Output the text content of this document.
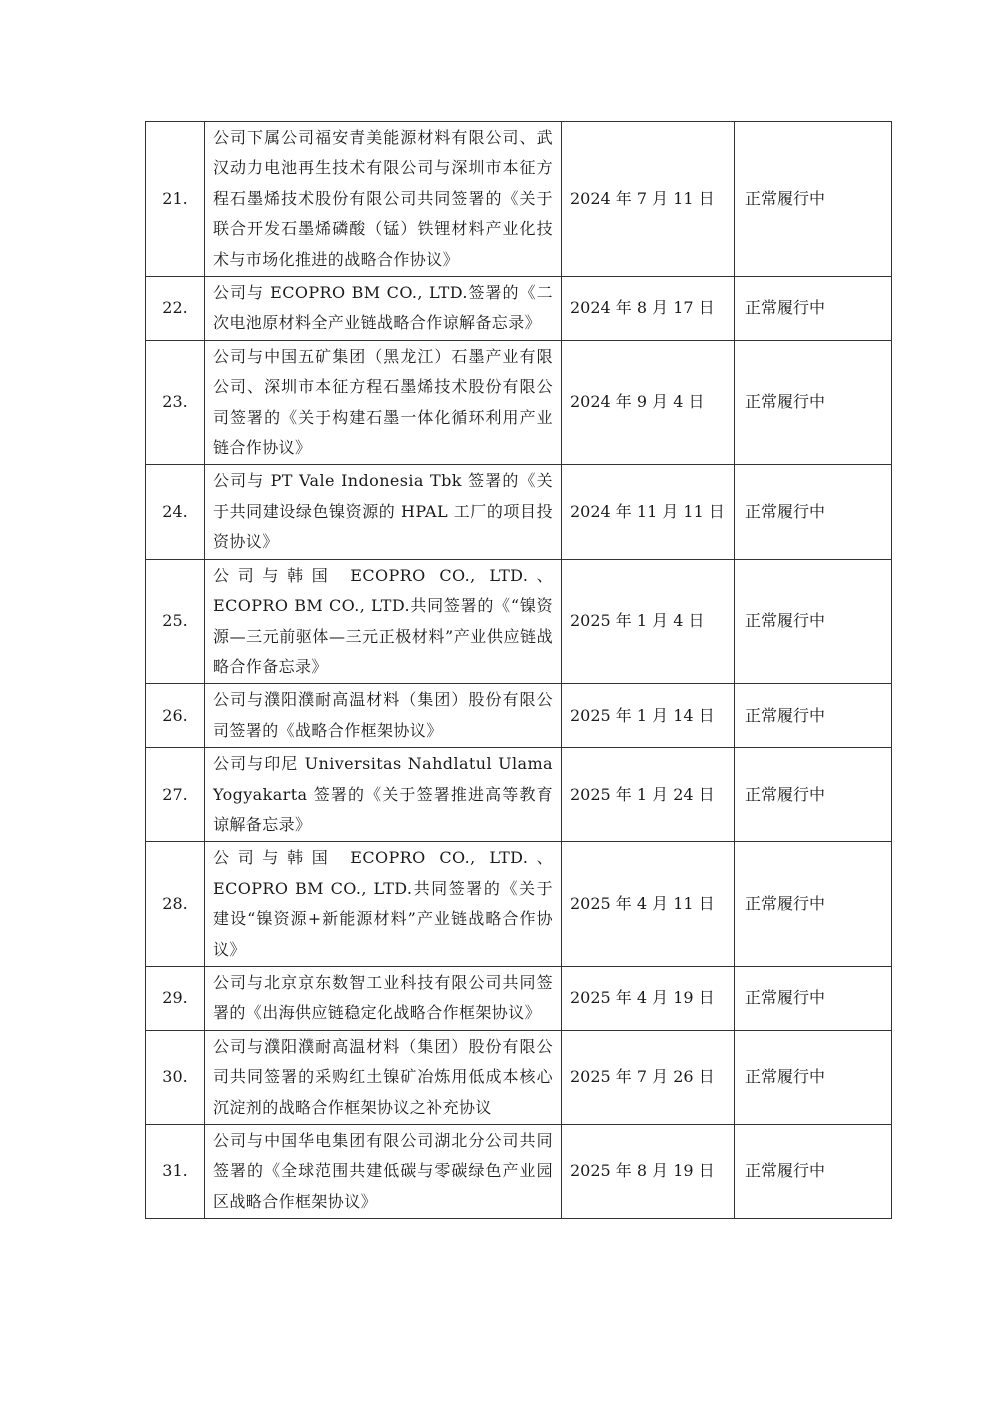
21.	公司下属公司福安青美能源材料有限公司、武汉动力电池再生技术有限公司与深圳市本征方程石墨烯技术股份有限公司共同签署的《关于联合开发石墨烯磷酸（锰）铁锂材料产业化技术与市场化推进的战略合作协议》	2024 年 7 月 11 日	正常履行中
22.	公司与 ECOPRO BM CO., LTD.签署的《二次电池原材料全产业链战略合作谅解备忘录》	2024 年 8 月 17 日	正常履行中
23.	公司与中国五矿集团（黑龙江）石墨产业有限公司、深圳市本征方程石墨烯技术股份有限公司签署的《关于构建石墨一体化循环利用产业链合作协议》	2024 年 9 月 4 日	正常履行中
24.	公司与 PT Vale Indonesia Tbk 签署的《关于共同建设绿色镍资源的 HPAL 工厂的项目投资协议》	2024 年 11 月 11 日	正常履行中
25.	公司与韩国 ECOPRO CO., LTD.、ECOPRO BM CO., LTD.共同签署的《“镍资源—三元前驱体—三元正极材料”产业供应链战略合作备忘录》	2025 年 1 月 4 日	正常履行中
26.	公司与濮阳濮耐高温材料（集团）股份有限公司签署的《战略合作框架协议》	2025 年 1 月 14 日	正常履行中
27.	公司与印尼 Universitas Nahdlatul Ulama Yogyakarta 签署的《关于签署推进高等教育谅解备忘录》	2025 年 1 月 24 日	正常履行中
28.	公司与韩国 ECOPRO CO., LTD.、ECOPRO BM CO., LTD.共同签署的《关于建设“镍资源+新能源材料”产业链战略合作协议》	2025 年 4 月 11 日	正常履行中
29.	公司与北京京东数智工业科技有限公司共同签署的《出海供应链稳定化战略合作框架协议》	2025 年 4 月 19 日	正常履行中
30.	公司与濮阳濮耐高温材料（集团）股份有限公司共同签署的采购红土镍矿冶炼用低成本核心沉淀剂的战略合作框架协议之补充协议	2025 年 7 月 26 日	正常履行中
31.	公司与中国华电集团有限公司湖北分公司共同签署的《全球范围共建低碳与零碳绿色产业园区战略合作框架协议》	2025 年 8 月 19 日	正常履行中
